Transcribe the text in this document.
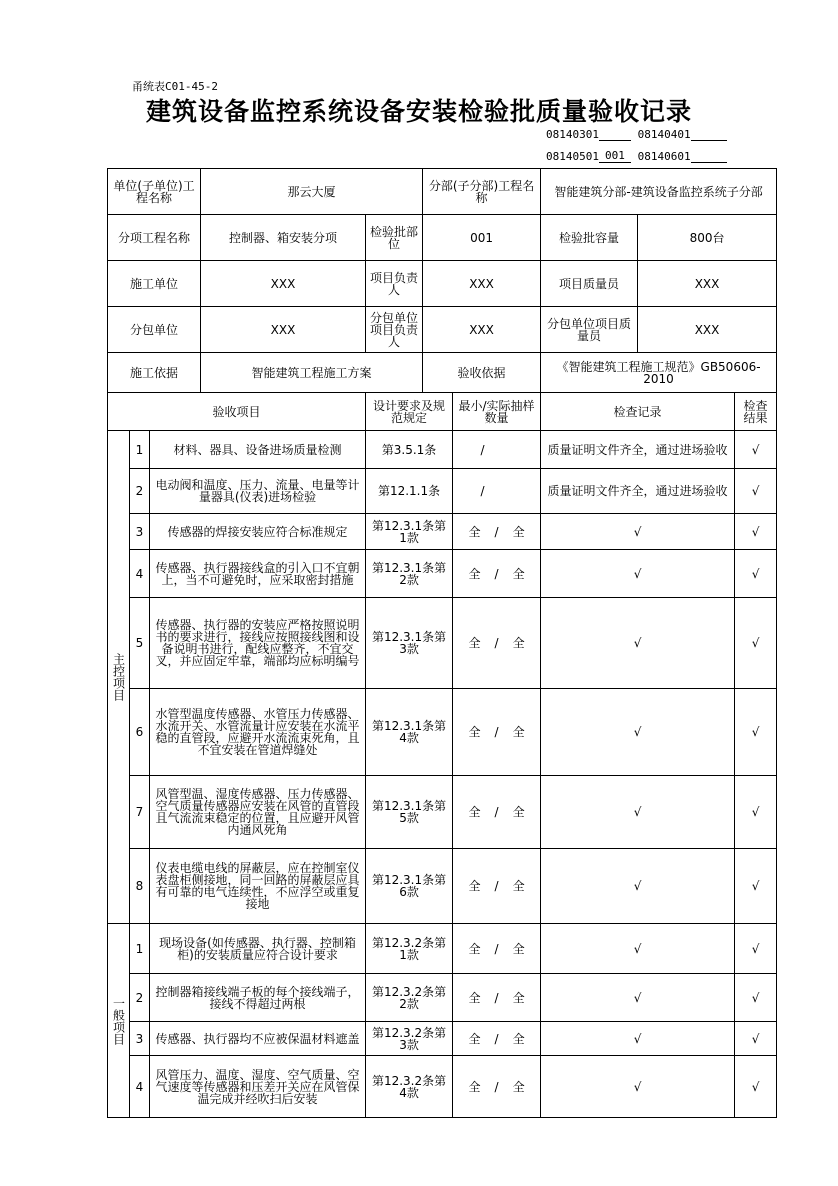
甬统表C01-45-2
建筑设备监控系统设备安装检验批质量验收记录
08140301	08140401
08140501 001 08140601
单位(子单位)工程名称			那云大厦		分部(子分部)工程名称		智能建筑分部-建筑设备监控系统子分部		
分项工程名称			控制器、箱安装分项	检验批部位	001		检验批容量	800台	
施工单位			XXX	项目负责人	XXX		项目质量员	XXX	
分包单位			XXX	分包单位项目负责人	XXX		分包单位项目质量员	XXX	
施工依据			智能建筑工程施工方案		验收依据		《智能建筑工程施工规范》GB50606-2010		
验收项目				设计要求及规范规定		最小/实际抽样数量	检查记录		检查结果
主控项目	1	材料、器具、设备进场质量检测		第3.5.1条		/	质量证明文件齐全，通过进场验收		√
	2	电动阀和温度、压力、流量、电量等计量器具(仪表)进场检验		第12.1.1条		/	质量证明文件齐全，通过进场验收		√
	3	传感器的焊接安装应符合标准规定		第12.3.1条第1款		全 / 全	√		√
	4	传感器、执行器接线盒的引入口不宜朝上，当不可避免时，应采取密封措施		第12.3.1条第2款		全 / 全	√		√
	5	传感器、执行器的安装应严格按照说明书的要求进行，接线应按照接线图和设备说明书进行，配线应整齐，不宜交叉，并应固定牢靠，端部均应标明编号		第12.3.1条第3款		全 / 全	√		√
	6	水管型温度传感器、水管压力传感器、水流开关、水管流量计应安装在水流平稳的直管段，应避开水流流束死角，且不宜安装在管道焊缝处		第12.3.1条第4款		全 / 全	√		√
	7	风管型温、湿度传感器、压力传感器、空气质量传感器应安装在风管的直管段且气流流束稳定的位置，且应避开风管内通风死角		第12.3.1条第5款		全 / 全	√		√
	8	仪表电缆电线的屏蔽层，应在控制室仪表盘柜侧接地，同一回路的屏蔽层应具有可靠的电气连续性，不应浮空或重复接地		第12.3.1条第6款		全 / 全	√		√
一般项目	1	现场设备(如传感器、执行器、控制箱柜)的安装质量应符合设计要求		第12.3.2条第1款		全 / 全	√		√
	2	控制器箱接线端子板的每个接线端子，接线不得超过两根		第12.3.2条第2款		全 / 全	√		√
	3	传感器、执行器均不应被保温材料遮盖		第12.3.2条第3款		全 / 全	√		√
	4	风管压力、温度、湿度、空气质量、空气速度等传感器和压差开关应在风管保温完成并经吹扫后安装		第12.3.2条第4款		全 / 全	√		√
